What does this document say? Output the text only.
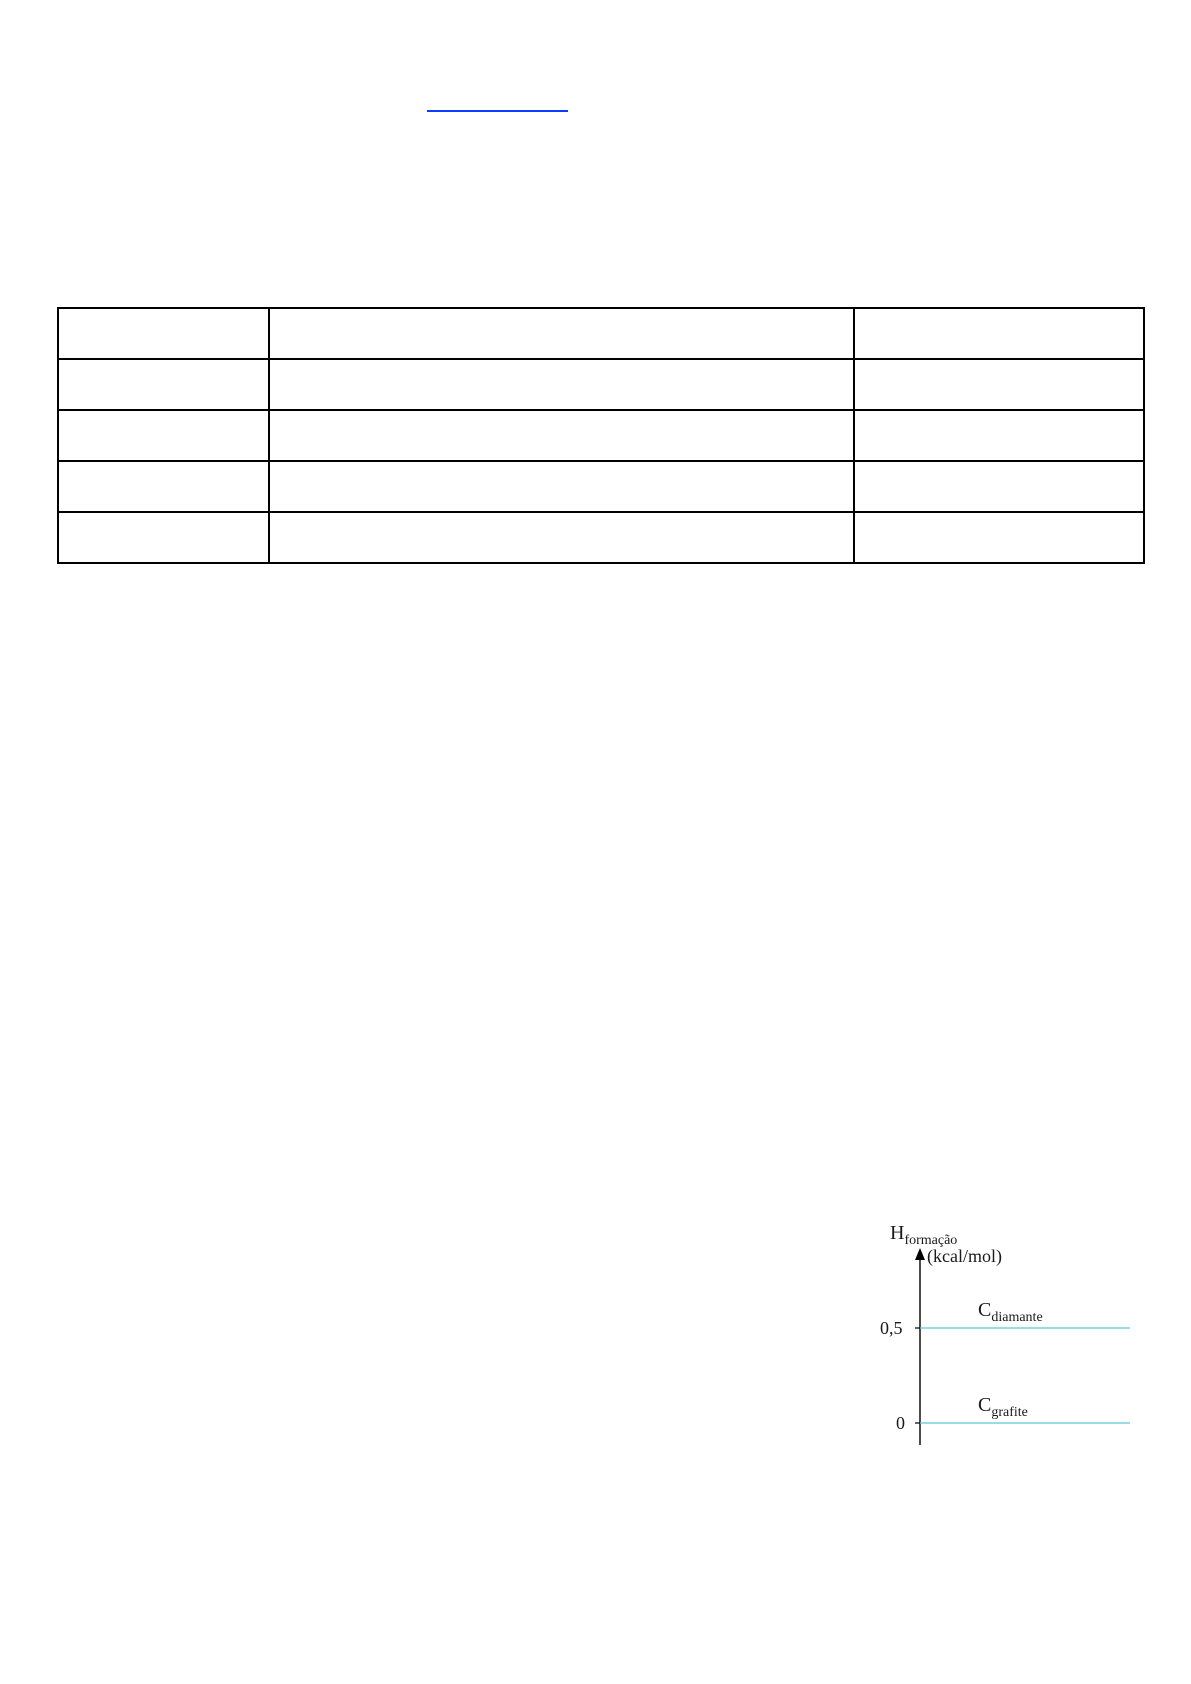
$H_{formação}$
(kcal/mol)
0,5
$C_{diamante}$
0
$C_{grafite}$
